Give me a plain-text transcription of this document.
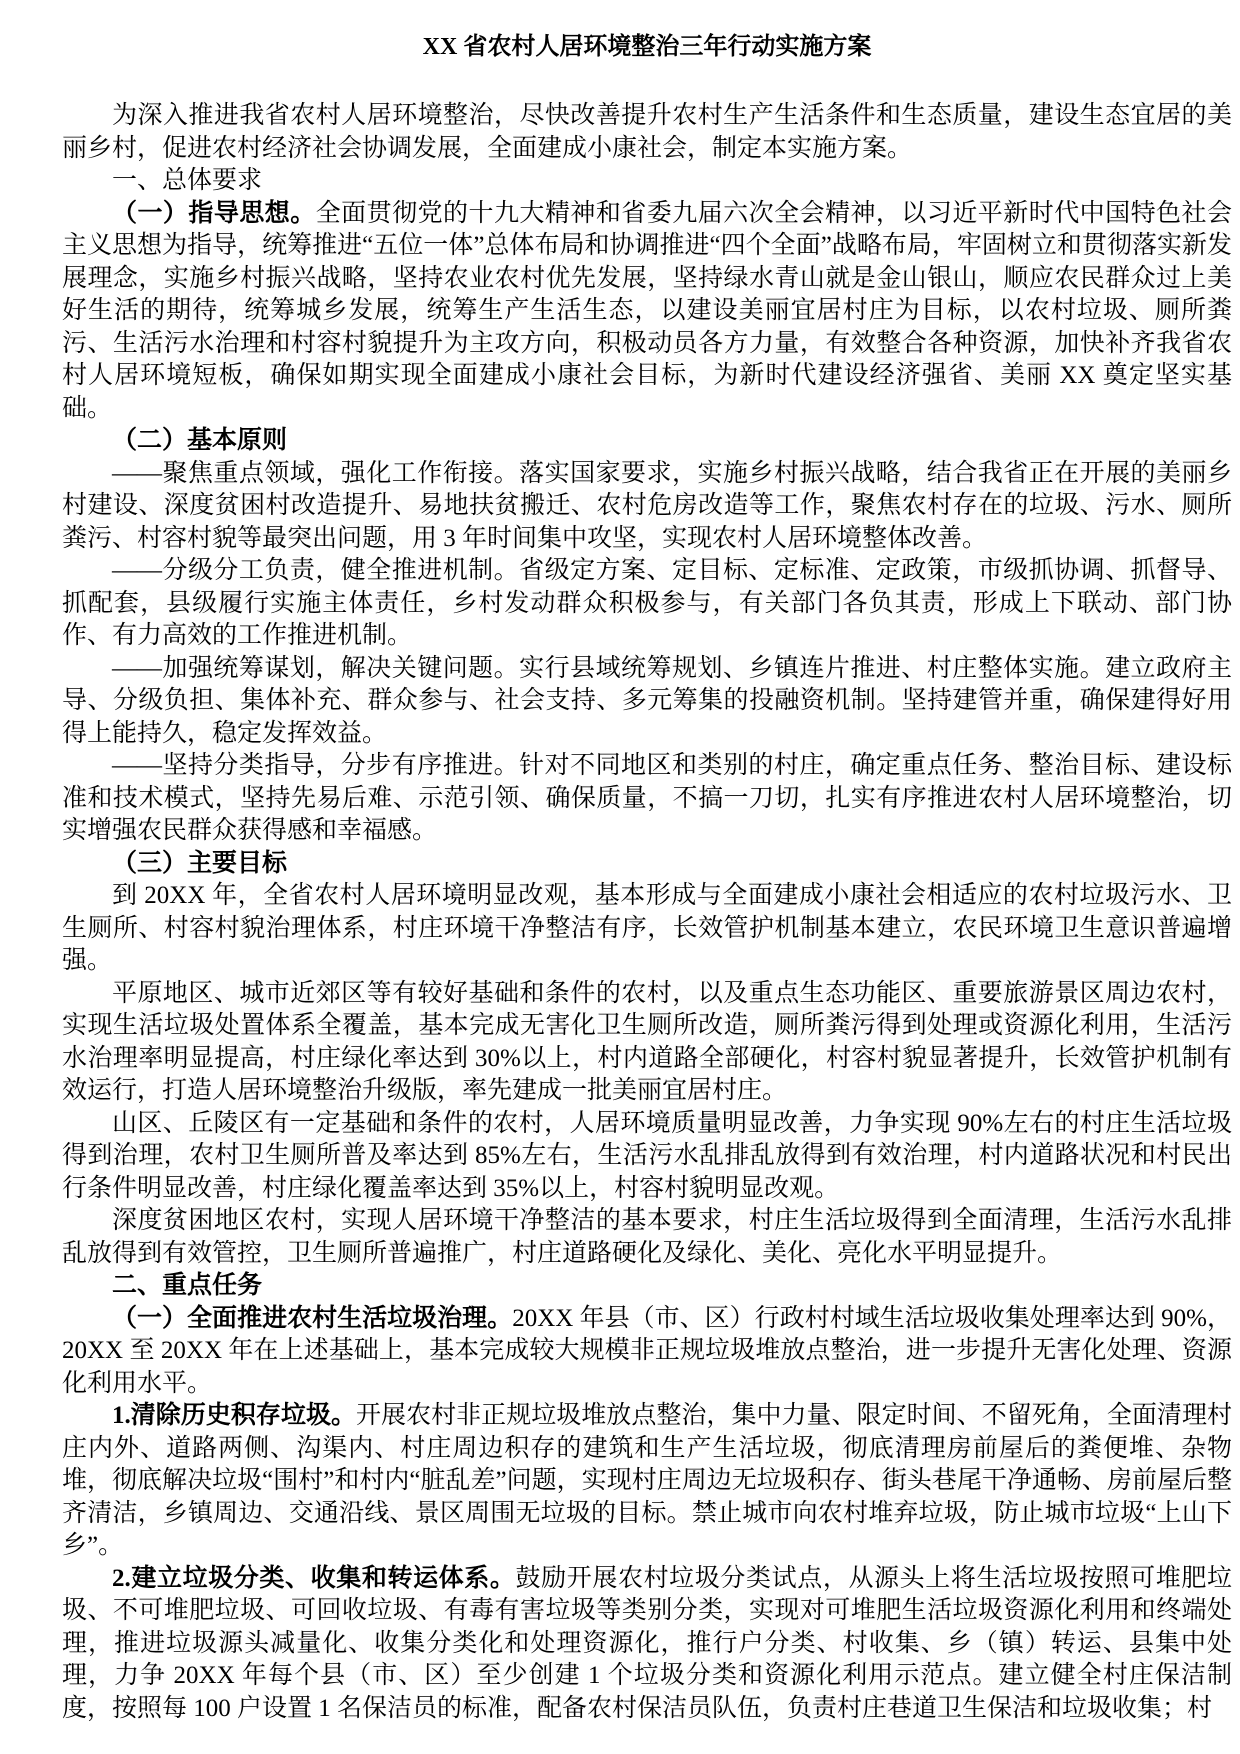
XX 省农村人居环境整治三年行动实施方案

为深入推进我省农村人居环境整治，尽快改善提升农村生产生活条件和生态质量，建设生态宜居的美丽乡村，促进农村经济社会协调发展，全面建成小康社会，制定本实施方案。

一、总体要求

（一）指导思想。全面贯彻党的十九大精神和省委九届六次全会精神，以习近平新时代中国特色社会主义思想为指导，统筹推进“五位一体”总体布局和协调推进“四个全面”战略布局，牢固树立和贯彻落实新发展理念，实施乡村振兴战略，坚持农业农村优先发展，坚持绿水青山就是金山银山，顺应农民群众过上美好生活的期待，统筹城乡发展，统筹生产生活生态，以建设美丽宜居村庄为目标，以农村垃圾、厕所粪污、生活污水治理和村容村貌提升为主攻方向，积极动员各方力量，有效整合各种资源，加快补齐我省农村人居环境短板，确保如期实现全面建成小康社会目标，为新时代建设经济强省、美丽 XX 奠定坚实基础。

（二）基本原则

——聚焦重点领域，强化工作衔接。落实国家要求，实施乡村振兴战略，结合我省正在开展的美丽乡村建设、深度贫困村改造提升、易地扶贫搬迁、农村危房改造等工作，聚焦农村存在的垃圾、污水、厕所粪污、村容村貌等最突出问题，用 3 年时间集中攻坚，实现农村人居环境整体改善。

——分级分工负责，健全推进机制。省级定方案、定目标、定标准、定政策，市级抓协调、抓督导、抓配套，县级履行实施主体责任，乡村发动群众积极参与，有关部门各负其责，形成上下联动、部门协作、有力高效的工作推进机制。

——加强统筹谋划，解决关键问题。实行县域统筹规划、乡镇连片推进、村庄整体实施。建立政府主导、分级负担、集体补充、群众参与、社会支持、多元筹集的投融资机制。坚持建管并重，确保建得好用得上能持久，稳定发挥效益。

——坚持分类指导，分步有序推进。针对不同地区和类别的村庄，确定重点任务、整治目标、建设标准和技术模式，坚持先易后难、示范引领、确保质量，不搞一刀切，扎实有序推进农村人居环境整治，切实增强农民群众获得感和幸福感。

（三）主要目标

到 20XX 年，全省农村人居环境明显改观，基本形成与全面建成小康社会相适应的农村垃圾污水、卫生厕所、村容村貌治理体系，村庄环境干净整洁有序，长效管护机制基本建立，农民环境卫生意识普遍增强。

平原地区、城市近郊区等有较好基础和条件的农村，以及重点生态功能区、重要旅游景区周边农村，实现生活垃圾处置体系全覆盖，基本完成无害化卫生厕所改造，厕所粪污得到处理或资源化利用，生活污水治理率明显提高，村庄绿化率达到 30%以上，村内道路全部硬化，村容村貌显著提升，长效管护机制有效运行，打造人居环境整治升级版，率先建成一批美丽宜居村庄。

山区、丘陵区有一定基础和条件的农村，人居环境质量明显改善，力争实现 90%左右的村庄生活垃圾得到治理，农村卫生厕所普及率达到 85%左右，生活污水乱排乱放得到有效治理，村内道路状况和村民出行条件明显改善，村庄绿化覆盖率达到 35%以上，村容村貌明显改观。

深度贫困地区农村，实现人居环境干净整洁的基本要求，村庄生活垃圾得到全面清理，生活污水乱排乱放得到有效管控，卫生厕所普遍推广，村庄道路硬化及绿化、美化、亮化水平明显提升。

二、重点任务

（一）全面推进农村生活垃圾治理。20XX 年县（市、区）行政村村域生活垃圾收集处理率达到 90%，20XX 至 20XX 年在上述基础上，基本完成较大规模非正规垃圾堆放点整治，进一步提升无害化处理、资源化利用水平。

1.清除历史积存垃圾。开展农村非正规垃圾堆放点整治，集中力量、限定时间、不留死角，全面清理村庄内外、道路两侧、沟渠内、村庄周边积存的建筑和生产生活垃圾，彻底清理房前屋后的粪便堆、杂物堆，彻底解决垃圾“围村”和村内“脏乱差”问题，实现村庄周边无垃圾积存、街头巷尾干净通畅、房前屋后整齐清洁，乡镇周边、交通沿线、景区周围无垃圾的目标。禁止城市向农村堆弃垃圾，防止城市垃圾“上山下乡”。

2.建立垃圾分类、收集和转运体系。鼓励开展农村垃圾分类试点，从源头上将生活垃圾按照可堆肥垃圾、不可堆肥垃圾、可回收垃圾、有毒有害垃圾等类别分类，实现对可堆肥生活垃圾资源化利用和终端处理，推进垃圾源头减量化、收集分类化和处理资源化，推行户分类、村收集、乡（镇）转运、县集中处理，力争 20XX 年每个县（市、区）至少创建 1 个垃圾分类和资源化利用示范点。建立健全村庄保洁制度，按照每 100 户设置 1 名保洁员的标准，配备农村保洁员队伍，负责村庄巷道卫生保洁和垃圾收集；村
